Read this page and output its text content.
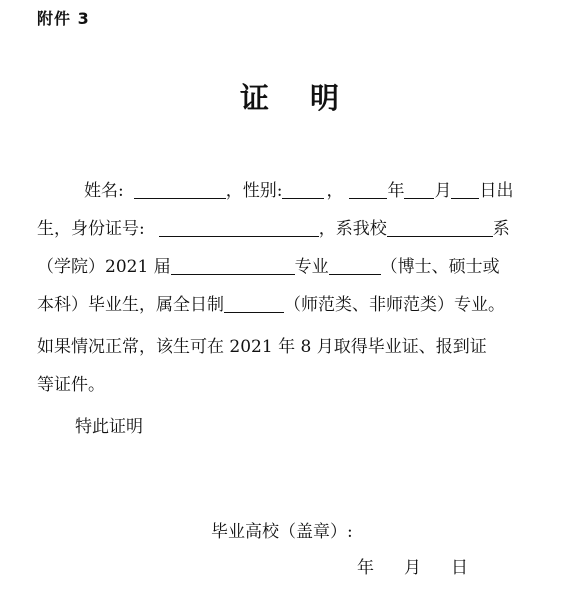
附件 3
证 明
姓名:	，性别:	，	年 月 日出
生，身份证号:	，系我校	系
（学院）2021 届	专业	（博士、硕士或
本科）毕业生，属全日制	（师范类、非师范类）专业。
如果情况正常，该生可在 2021 年 8 月取得毕业证、报到证
等证件。
特此证明
毕业高校（盖章）:
年 月 日
